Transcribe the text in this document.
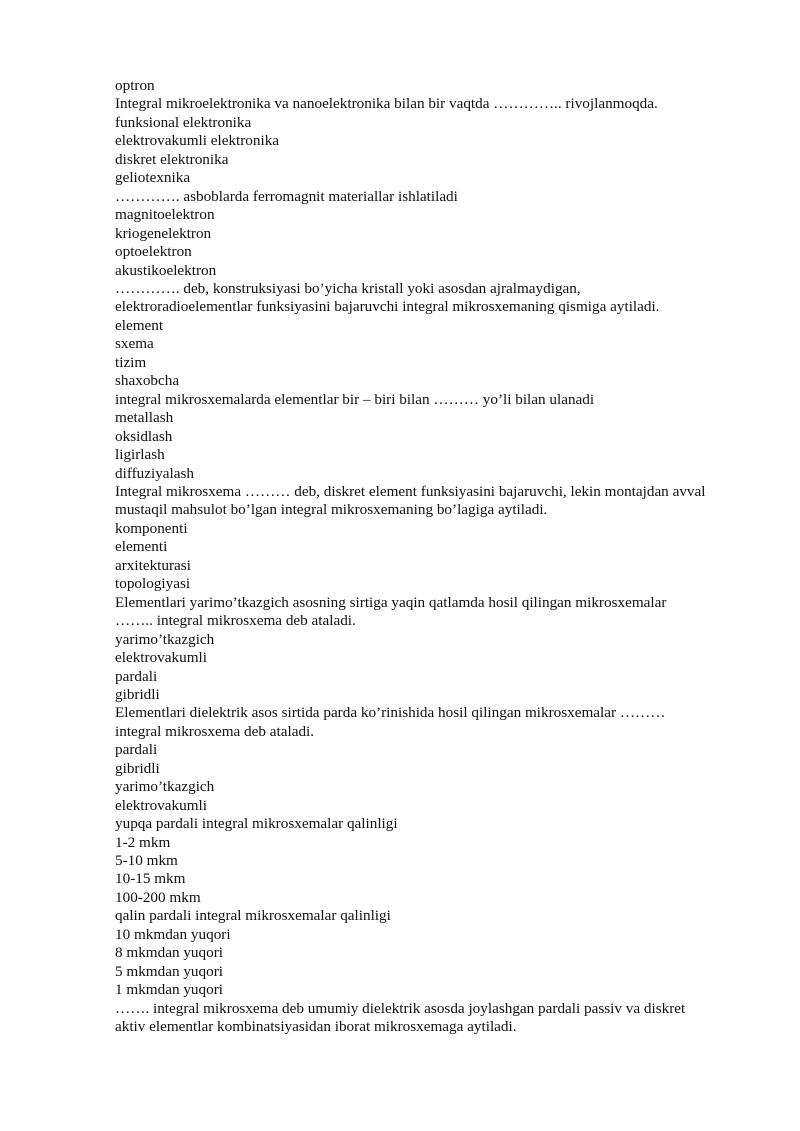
optron
Integral mikroelektronika va nanoelektronika bilan bir vaqtda ………….. rivojlanmoqda.
funksional elektronika
elektrovakumli elektronika
diskret elektronika
geliotexnika
…………. asboblarda ferromagnit materiallar ishlatiladi
magnitoelektron
kriogenelektron
optoelektron
akustikoelektron
…………. deb, konstruksiyasi bo’yicha kristall yoki asosdan ajralmaydigan,
elektroradioelementlar funksiyasini bajaruvchi integral mikrosxemaning qismiga aytiladi.
element
sxema
tizim
shaxobcha
integral mikrosxemalarda elementlar bir – biri bilan ……… yo’li bilan ulanadi
metallash
oksidlash
ligirlash
diffuziyalash
Integral mikrosxema ……… deb, diskret element funksiyasini bajaruvchi, lekin montajdan avval
mustaqil mahsulot bo’lgan integral mikrosxemaning bo’lagiga aytiladi.
komponenti
elementi
arxitekturasi
topologiyasi
Elementlari yarimo’tkazgich asosning sirtiga yaqin qatlamda hosil qilingan mikrosxemalar
…….. integral mikrosxema deb ataladi.
yarimo’tkazgich
elektrovakumli
pardali
gibridli
Elementlari dielektrik asos sirtida parda ko’rinishida hosil qilingan mikrosxemalar ………
integral mikrosxema deb ataladi.
pardali
gibridli
yarimo’tkazgich
elektrovakumli
yupqa pardali integral mikrosxemalar qalinligi
1-2 mkm
5-10 mkm
10-15 mkm
100-200 mkm
qalin pardali integral mikrosxemalar qalinligi
10 mkmdan yuqori
8 mkmdan yuqori
5 mkmdan yuqori
1 mkmdan yuqori
……. integral mikrosxema deb umumiy dielektrik asosda joylashgan pardali passiv va diskret
aktiv elementlar kombinatsiyasidan iborat mikrosxemaga aytiladi.
